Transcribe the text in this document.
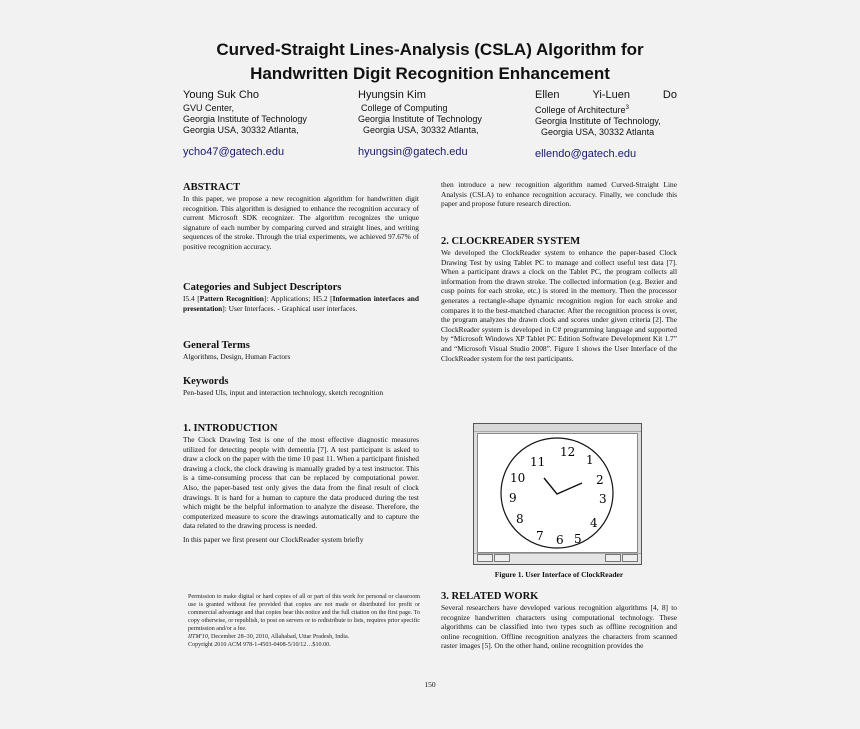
Curved-Straight Lines-Analysis (CSLA) Algorithm for
Handwritten Digit Recognition Enhancement
Young Suk Cho
GVU Center,
Georgia Institute of Technology
Georgia USA, 30332 Atlanta,
ycho47@gatech.edu
Hyungsin Kim
College of Computing
Georgia Institute of Technology
Georgia USA, 30332 Atlanta,
hyungsin@gatech.edu
Ellen	Yi-Luen	Do
College of Architecture$^3$
Georgia Institute of Technology,
Georgia USA, 30332 Atlanta
ellendo@gatech.edu
ABSTRACT

In this paper, we propose a new recognition algorithm for handwritten digit recognition. This algorithm is designed to enhance the recognition accuracy of current Microsoft SDK recognizer. The algorithm recognizes the unique signature of each number by comparing curved and straight lines, and writing sequences of the stroke. Through the trial experiments, we achieved 97.67% of positive recognition accuracy.

Categories and Subject Descriptors

I5.4 [Pattern Recognition]: Applications; H5.2 [Information interfaces and presentation]: User Interfaces. - Graphical user interfaces.

General Terms

Algorithms, Design, Human Factors

Keywords

Pen-based UIs, input and interaction technology, sketch recognition

1. INTRODUCTION

The Clock Drawing Test is one of the most effective diagnostic measures utilized for detecting people with dementia [7]. A test participant is asked to draw a clock on the paper with the time 10 past 11. When a participant finished drawing a clock, the clock drawing is manually graded by a test instructor. This is a time-consuming process that can be replaced by computational power. Also, the paper-based test only gives the data from the final result of clock drawings. It is hard for a human to capture the data produced during the test which might be the helpful information to analyze the disease. Therefore, the computerized measure to score the drawings automatically and to capture the data related to the drawing process is needed.

In this paper we first present our ClockReader system briefly

Permission to make digital or hard copies of all or part of this work for personal or classroom use is granted without fee provided that copies are not made or distributed for profit or commercial advantage and that copies bear this notice and the full citation on the first page. To copy otherwise, or republish, to post on servers or to redistribute to lists, requires prior specific permission and/or a fee.
IITM'10, December 28–30, 2010, Allahabad, Uttar Pradesh, India.
Copyright 2010 ACM 978-1-4503-0408-5/10/12…$10.00.

then introduce a new recognition algorithm named Curved-Straight Line Analysis (CSLA) to enhance recognition accuracy. Finally, we conclude this paper and propose future research direction.

2. CLOCKREADER SYSTEM

We developed the ClockReader system to enhance the paper-based Clock Drawing Test by using Tablet PC to manage and collect useful test data [7]. When a participant draws a clock on the Tablet PC, the program collects all information from the drawn stroke. The collected information (e.g. Bezier and cusp points for each stroke, etc.) is stored in the memory. Then the processor generates a rectangle-shape dynamic recognition region for each stroke and compares it to the best-matched character. After the recognition process is over, the program analyzes the drawn clock and scores under given criteria [2]. The ClockReader system is developed in C# programming language and supported by “Microsoft Windows XP Tablet PC Edition Software Development Kit 1.7” and “Microsoft Visual Studio 2008”. Figure 1 shows the User Interface of the ClockReader system for the test participants.

12
1
2
3
4
5
6
7
8
9
10
11
Figure 1. User Interface of ClockReader
3. RELATED WORK

Several researchers have developed various recognition algorithms [4, 8] to recognize handwritten characters using computational technology. These algorithms can be classified into two types such as offline recognition and online recognition. Offline recognition analyzes the characters from scanned raster images [5]. On the other hand, online recognition provides the

150
